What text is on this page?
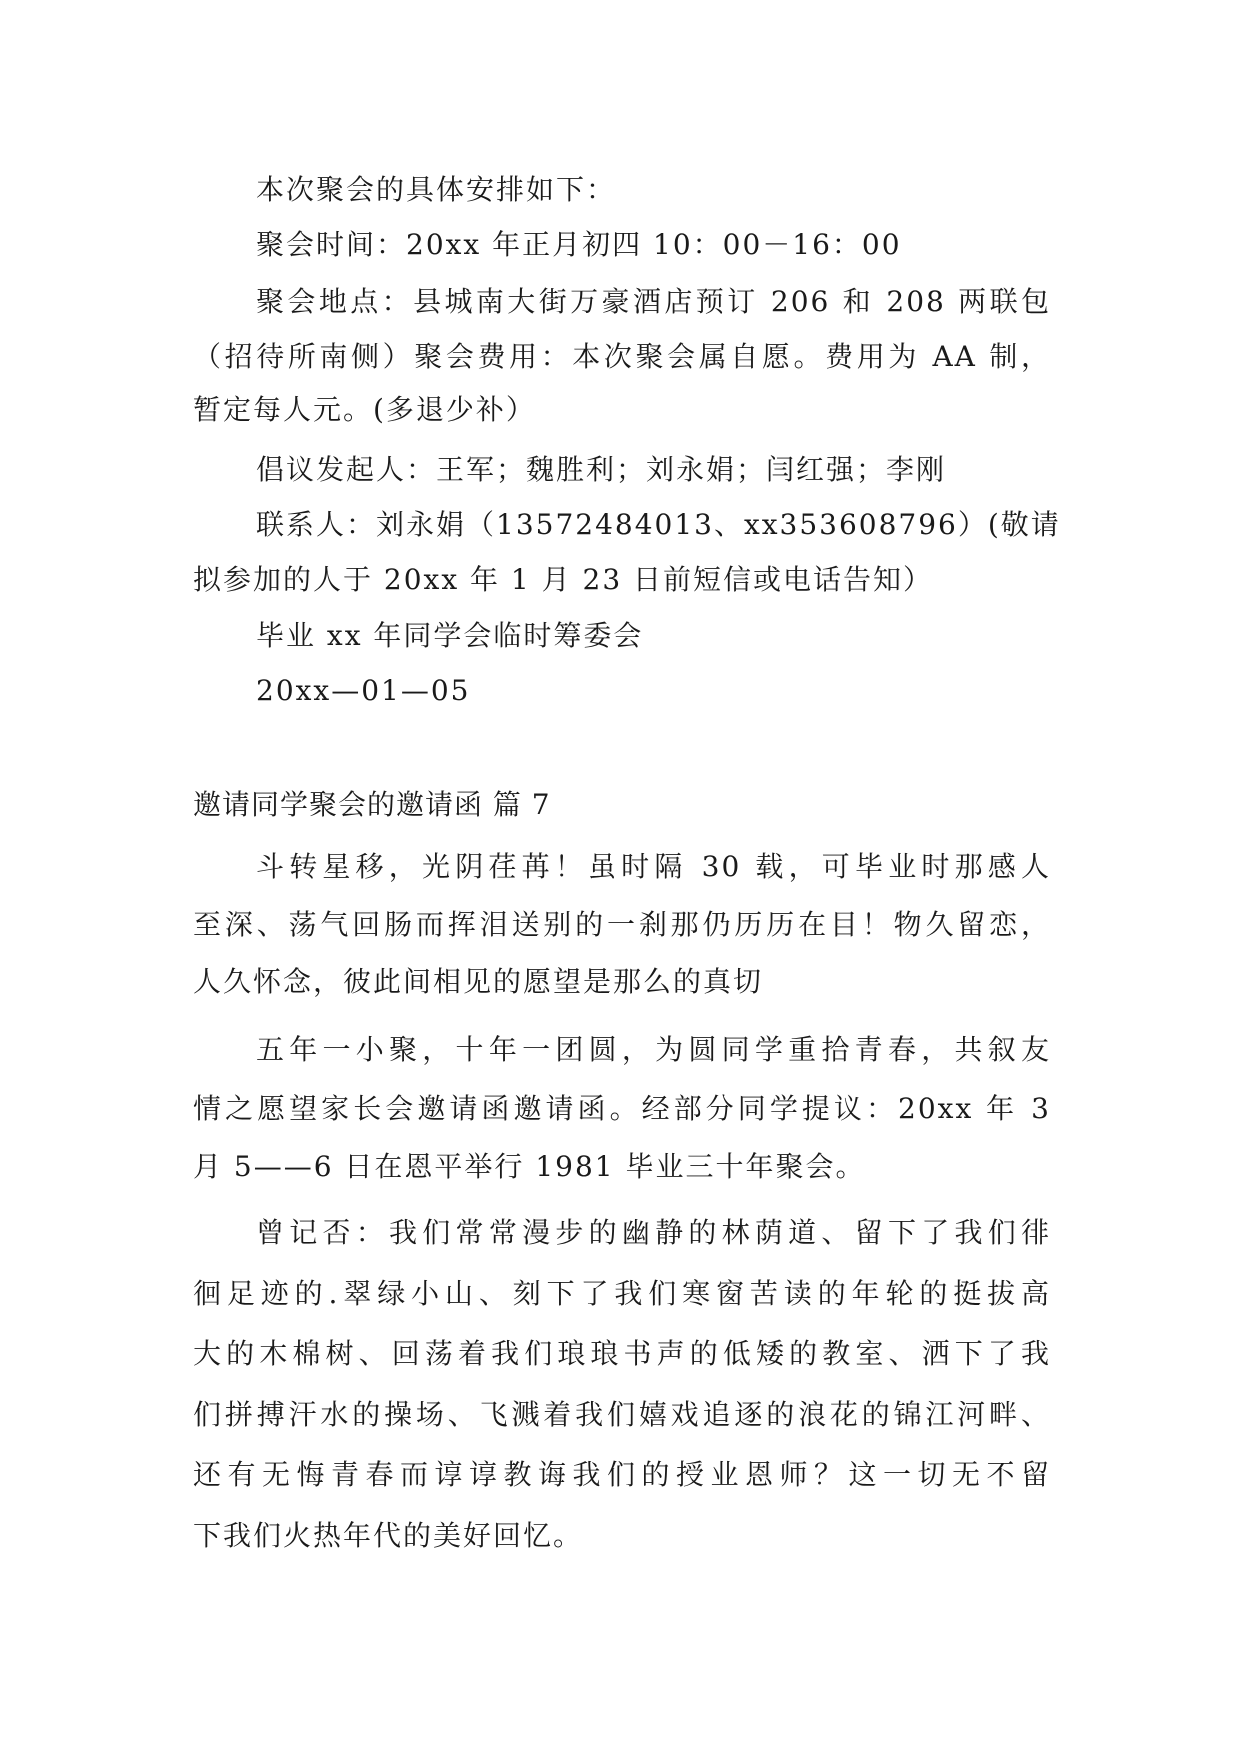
本次聚会的具体安排如下：
聚会时间：20xx 年正月初四 10：00－16：00
聚会地点：县城南大街万豪酒店预订 206 和 208 两联包
（招待所南侧）聚会费用：本次聚会属自愿。费用为 AA 制，
暂定每人元。(多退少补）
倡议发起人：王军；魏胜利；刘永娟；闫红强；李刚
联系人：刘永娟（13572484013、xx353608796）(敬请
拟参加的人于 20xx 年 1 月 23 日前短信或电话告知）
毕业 xx 年同学会临时筹委会
20xx—01—05
邀请同学聚会的邀请函 篇 7
斗转星移，光阴荏苒！虽时隔 30 载，可毕业时那感人
至深、荡气回肠而挥泪送别的一刹那仍历历在目！物久留恋，
人久怀念，彼此间相见的愿望是那么的真切
五年一小聚，十年一团圆，为圆同学重拾青春，共叙友
情之愿望家长会邀请函邀请函。经部分同学提议：20xx 年 3
月 5——6 日在恩平举行 1981 毕业三十年聚会。
曾记否：我们常常漫步的幽静的林荫道、留下了我们徘
徊足迹的.翠绿小山、刻下了我们寒窗苦读的年轮的挺拔高
大的木棉树、回荡着我们琅琅书声的低矮的教室、洒下了我
们拼搏汗水的操场、飞溅着我们嬉戏追逐的浪花的锦江河畔、
还有无悔青春而谆谆教诲我们的授业恩师？这一切无不留
下我们火热年代的美好回忆。
